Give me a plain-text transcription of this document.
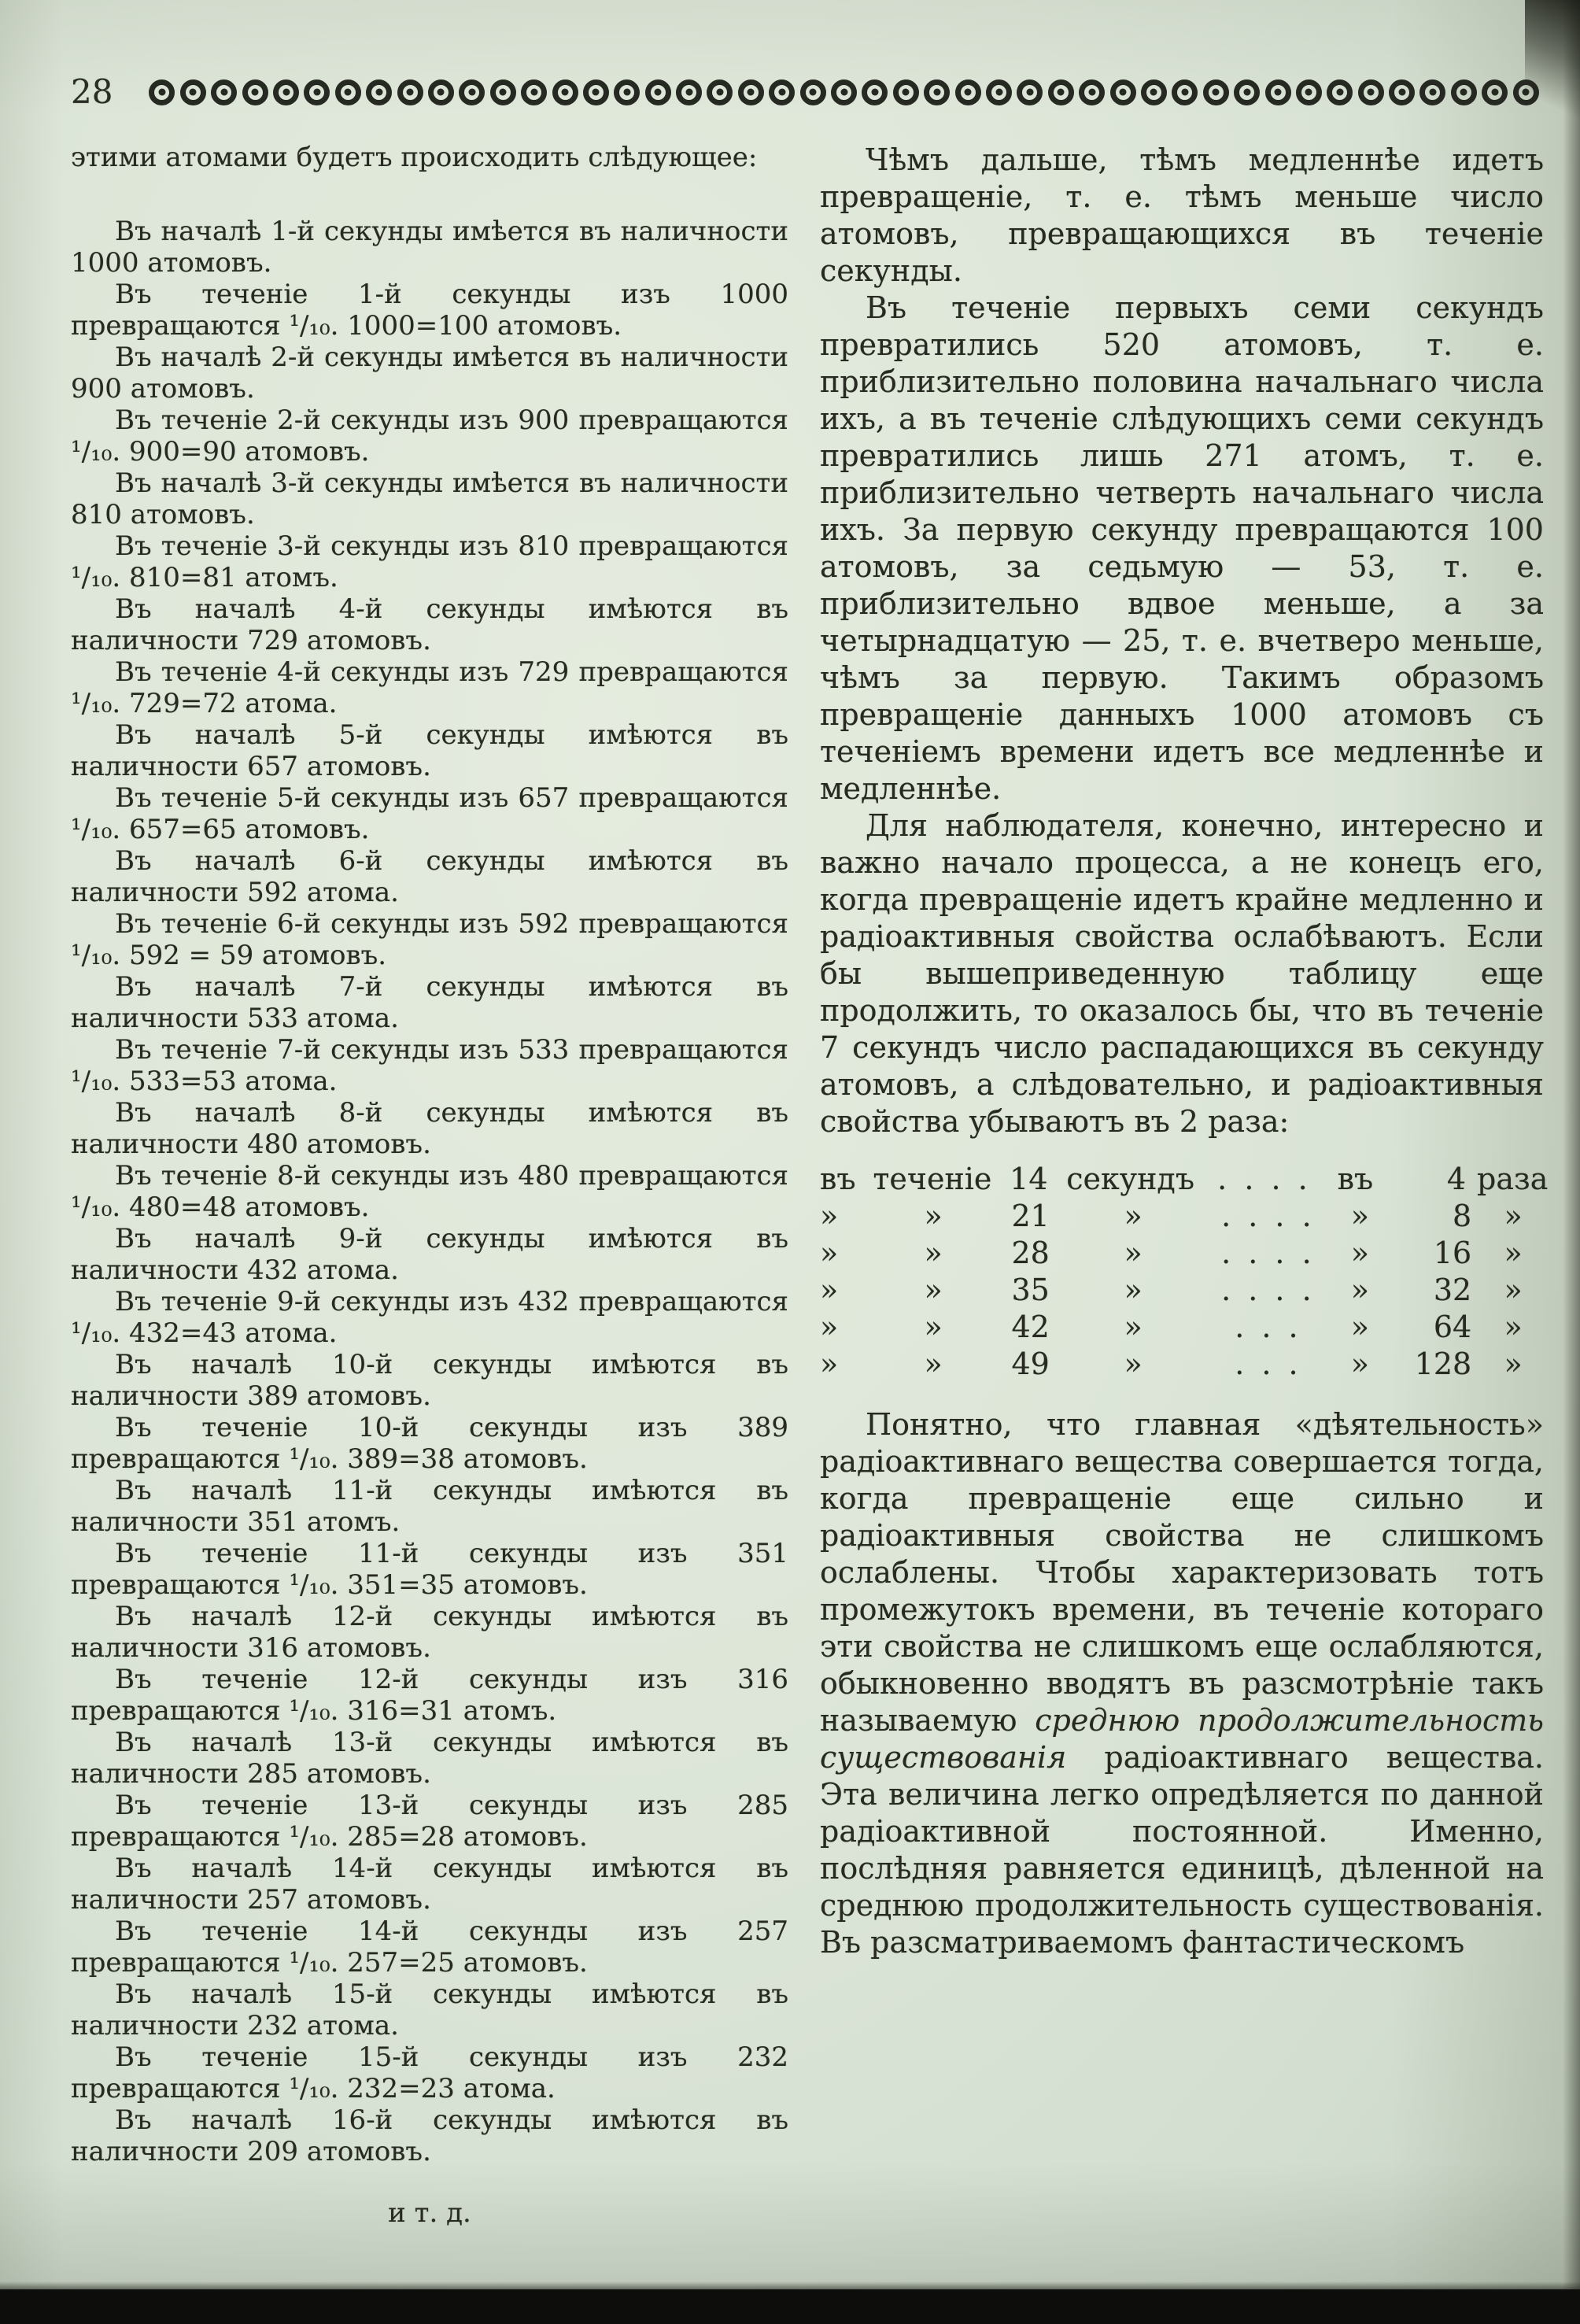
28

этими атомами будетъ происходить слѣдующее:

Въ началѣ 1-й секунды имѣется въ наличности 1000 атомовъ.

Въ теченіе 1-й секунды изъ 1000 превращаются ¹/₁₀. 1000=100 атомовъ.

Въ началѣ 2-й секунды имѣется въ наличности 900 атомовъ.

Въ теченіе 2-й секунды изъ 900 превращаются ¹/₁₀. 900=90 атомовъ.

Въ началѣ 3-й секунды имѣется въ наличности 810 атомовъ.

Въ теченіе 3-й секунды изъ 810 превращаются ¹/₁₀. 810=81 атомъ.

Въ началѣ 4-й секунды имѣются въ наличности 729 атомовъ.

Въ теченіе 4-й секунды изъ 729 превращаются ¹/₁₀. 729=72 атома.

Въ началѣ 5-й секунды имѣются въ наличности 657 атомовъ.

Въ теченіе 5-й секунды изъ 657 превращаются ¹/₁₀. 657=65 атомовъ.

Въ началѣ 6-й секунды имѣются въ наличности 592 атома.

Въ теченіе 6-й секунды изъ 592 превращаются ¹/₁₀. 592 = 59 атомовъ.

Въ началѣ 7-й секунды имѣются въ наличности 533 атома.

Въ теченіе 7-й секунды изъ 533 превращаются ¹/₁₀. 533=53 атома.

Въ началѣ 8-й секунды имѣются въ наличности 480 атомовъ.

Въ теченіе 8-й секунды изъ 480 превращаются ¹/₁₀. 480=48 атомовъ.

Въ началѣ 9-й секунды имѣются въ наличности 432 атома.

Въ теченіе 9-й секунды изъ 432 превращаются ¹/₁₀. 432=43 атома.

Въ началѣ 10-й секунды имѣются въ наличности 389 атомовъ.

Въ теченіе 10-й секунды изъ 389 превращаются ¹/₁₀. 389=38 атомовъ.

Въ началѣ 11-й секунды имѣются въ наличности 351 атомъ.

Въ теченіе 11-й секунды изъ 351 превращаются ¹/₁₀. 351=35 атомовъ.

Въ началѣ 12-й секунды имѣются въ наличности 316 атомовъ.

Въ теченіе 12-й секунды изъ 316 превращаются ¹/₁₀. 316=31 атомъ.

Въ началѣ 13-й секунды имѣются въ наличности 285 атомовъ.

Въ теченіе 13-й секунды изъ 285 превращаются ¹/₁₀. 285=28 атомовъ.

Въ началѣ 14-й секунды имѣются въ наличности 257 атомовъ.

Въ теченіе 14-й секунды изъ 257 превращаются ¹/₁₀. 257=25 атомовъ.

Въ началѣ 15-й секунды имѣются въ наличности 232 атома.

Въ теченіе 15-й секунды изъ 232 превращаются ¹/₁₀. 232=23 атома.

Въ началѣ 16-й секунды имѣются въ наличности 209 атомовъ.

и т. д.

Чѣмъ дальше, тѣмъ медленнѣе идетъ превращеніе, т. е. тѣмъ меньше число атомовъ, превращающихся въ теченіе секунды.

Въ теченіе первыхъ семи секундъ превратились 520 атомовъ, т. е. приблизительно половина начальнаго числа ихъ, а въ теченіе слѣдующихъ семи секундъ превратились лишь 271 атомъ, т. е. приблизительно четверть начальнаго числа ихъ. За первую секунду превращаются 100 атомовъ, за седьмую — 53, т. е. приблизительно вдвое меньше, а за четырнадцатую — 25, т. е. вчетверо меньше, чѣмъ за первую. Такимъ образомъ превращеніе данныхъ 1000 атомовъ съ теченіемъ времени идетъ все медленнѣе и медленнѣе.

Для наблюдателя, конечно, интересно и важно начало процесса, а не конецъ его, когда превращеніе идетъ крайне медленно и радіоактивныя свойства ослабѣваютъ. Если бы вышеприведенную таблицу еще продолжить, то оказалось бы, что въ теченіе 7 секундъ число распадающихся въ секунду атомовъ, а слѣдовательно, и радіоактивныя свойства убываютъ въ 2 раза:

въ теченіе 14 секундъ . . . . въ	4 раза
»	»	21	»	. . . .	»	8	»
»	»	28	»	. . . .	»	16	»
»	»	35	»	. . . .	»	32	»
»	»	42	»	. . .	»	64	»
»	»	49	»	. . .	»	128	»

Понятно, что главная «дѣятельность» радіоактивнаго вещества совершается тогда, когда превращеніе еще сильно и радіоактивныя свойства не слишкомъ ослаблены. Чтобы характеризовать тотъ промежутокъ времени, въ теченіе котораго эти свойства не слишкомъ еще ослабляются, обыкновенно вводятъ въ разсмотрѣніе такъ называемую среднюю продолжительность существованія радіоактивнаго вещества. Эта величина легко опредѣляется по данной радіоактивной постоянной. Именно, послѣдняя равняется единицѣ, дѣленной на среднюю продолжительность существованія. Въ разсматриваемомъ фантастическомъ
